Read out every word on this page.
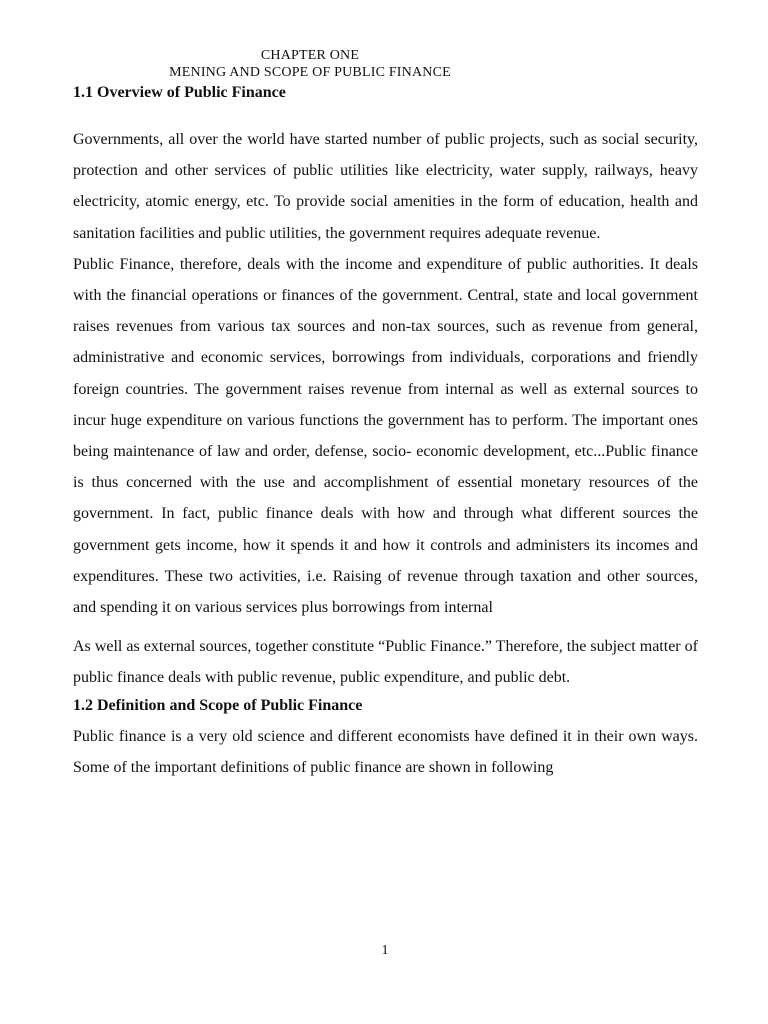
CHAPTER ONE
MENING AND SCOPE OF PUBLIC FINANCE
1.1 Overview of Public Finance

Governments, all over the world have started number of public projects, such as social security, protection and other services of public utilities like electricity, water supply, railways, heavy electricity, atomic energy, etc. To provide social amenities in the form of education, health and sanitation facilities and public utilities, the government requires adequate revenue.

Public Finance, therefore, deals with the income and expenditure of public authorities. It deals with the financial operations or finances of the government. Central, state and local government raises revenues from various tax sources and non-tax sources, such as revenue from general, administrative and economic services, borrowings from individuals, corporations and friendly foreign countries. The government raises revenue from internal as well as external sources to incur huge expenditure on various functions the government has to perform. The important ones being maintenance of law and order, defense, socio- economic development, etc...Public finance is thus concerned with the use and accomplishment of essential monetary resources of the government. In fact, public finance deals with how and through what different sources the government gets income, how it spends it and how it controls and administers its incomes and expenditures. These two activities, i.e. Raising of revenue through taxation and other sources, and spending it on various services plus borrowings from internal

As well as external sources, together constitute “Public Finance.” Therefore, the subject matter of public finance deals with public revenue, public expenditure, and public debt.

1.2 Definition and Scope of Public Finance

Public finance is a very old science and different economists have defined it in their own ways. Some of the important definitions of public finance are shown in following

1
